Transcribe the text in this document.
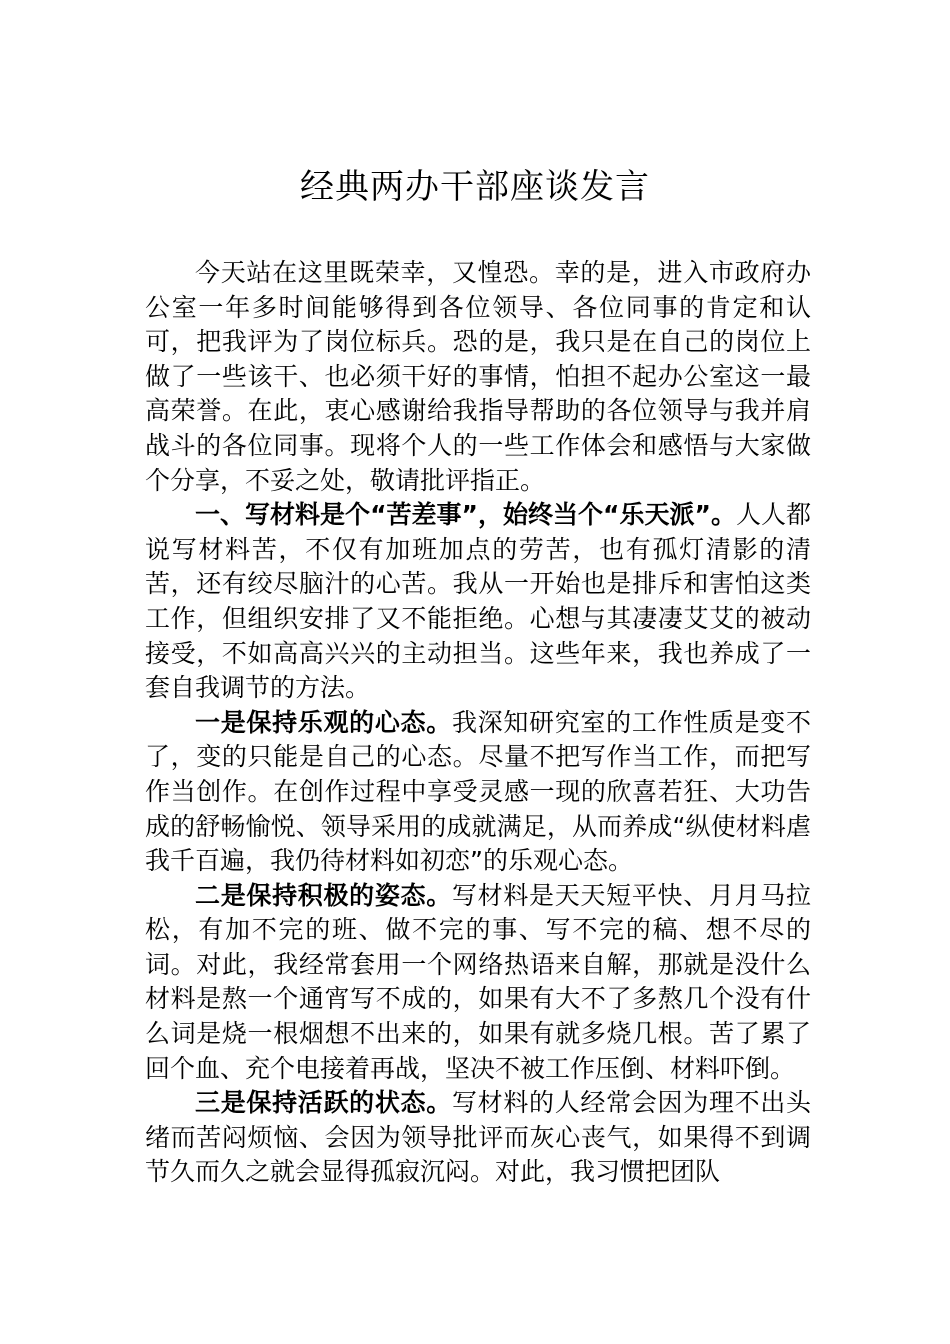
经典两办干部座谈发言

今天站在这里既荣幸，又惶恐。幸的是，进入市政府办公室一年多时间能够得到各位领导、各位同事的肯定和认可，把我评为了岗位标兵。恐的是，我只是在自己的岗位上做了一些该干、也必须干好的事情，怕担不起办公室这一最高荣誉。在此，衷心感谢给我指导帮助的各位领导与我并肩战斗的各位同事。现将个人的一些工作体会和感悟与大家做个分享，不妥之处，敬请批评指正。

一、写材料是个“苦差事”，始终当个“乐天派”。人人都说写材料苦，不仅有加班加点的劳苦，也有孤灯清影的清苦，还有绞尽脑汁的心苦。我从一开始也是排斥和害怕这类工作，但组织安排了又不能拒绝。心想与其凄凄艾艾的被动接受，不如高高兴兴的主动担当。这些年来，我也养成了一套自我调节的方法。

一是保持乐观的心态。我深知研究室的工作性质是变不了，变的只能是自己的心态。尽量不把写作当工作，而把写作当创作。在创作过程中享受灵感一现的欣喜若狂、大功告成的舒畅愉悦、领导采用的成就满足，从而养成“纵使材料虐我千百遍，我仍待材料如初恋”的乐观心态。

二是保持积极的姿态。写材料是天天短平快、月月马拉松，有加不完的班、做不完的事、写不完的稿、想不尽的词。对此，我经常套用一个网络热语来自解，那就是没什么材料是熬一个通宵写不成的，如果有大不了多熬几个没有什么词是烧一根烟想不出来的，如果有就多烧几根。苦了累了回个血、充个电接着再战，坚决不被工作压倒、材料吓倒。

三是保持活跃的状态。写材料的人经常会因为理不出头绪而苦闷烦恼、会因为领导批评而灰心丧气，如果得不到调节久而久之就会显得孤寂沉闷。对此，我习惯把团队
